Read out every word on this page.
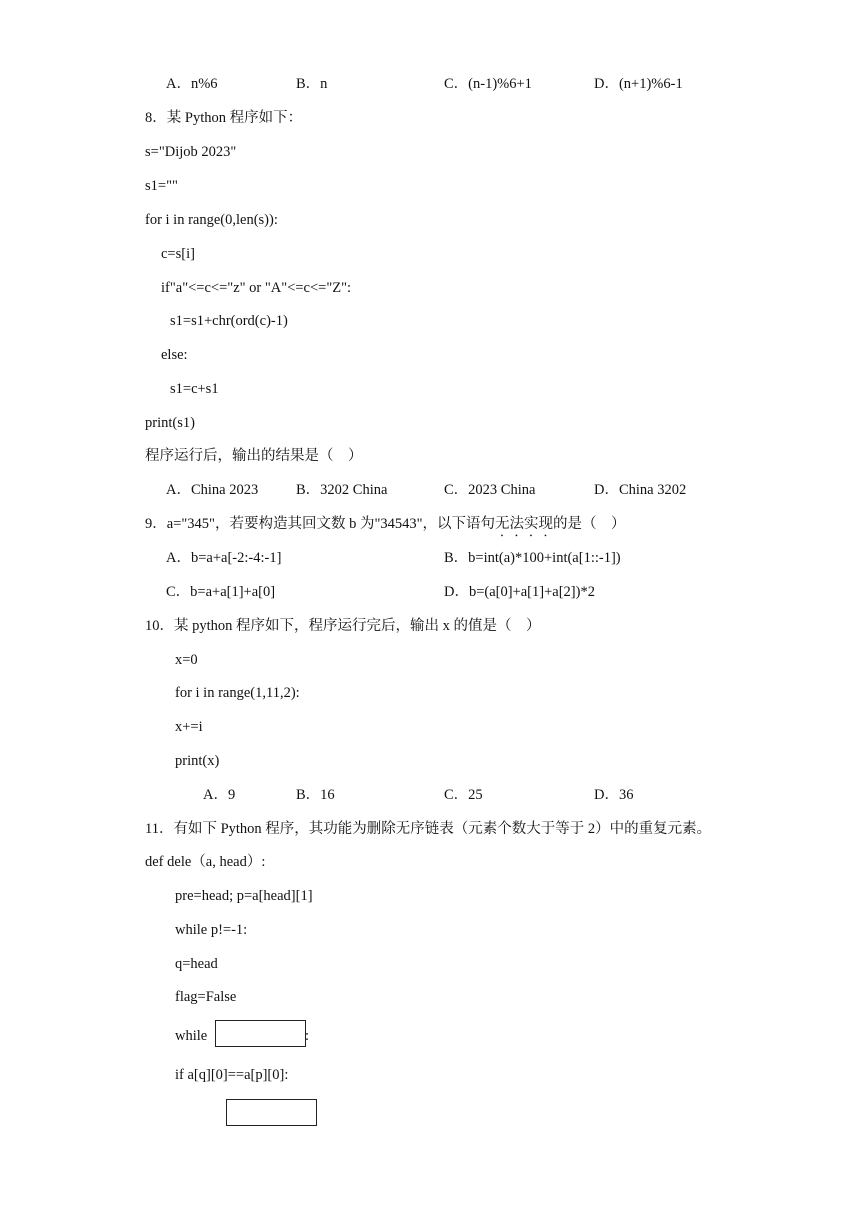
A．n%6	B．n	C．(n-1)%6+1	D．(n+1)%6-1
8．某 Python 程序如下：
s="Dijob 2023"
s1=""
for i in range(0,len(s)):
c=s[i]
if"a"<=c<="z" or "A"<=c<="Z":
s1=s1+chr(ord(c)-1)
else:
s1=c+s1
print(s1)
程序运行后，输出的结果是（    ）
A．China 2023	B．3202 China	C．2023 China	D．China 3202
9．a="345"，若要构造其回文数 b 为"34543"，以下语句无法实现的是（    ）
A．b=a+a[-2:-4:-1]	B．b=int(a)*100+int(a[1::-1])
C．b=a+a[1]+a[0]	D．b=(a[0]+a[1]+a[2])*2
10．某 python 程序如下，程序运行完后，输出 x 的值是（    ）
x=0
for i in range(1,11,2):
x+=i
print(x)
A．9	B．16	C．25	D．36
11．有如下 Python 程序，其功能为删除无序链表（元素个数大于等于 2）中的重复元素。
def dele（a, head）:
pre=head; p=a[head][1]
while p!=-1:
q=head
flag=False
while	:
if a[q][0]==a[p][0]:
